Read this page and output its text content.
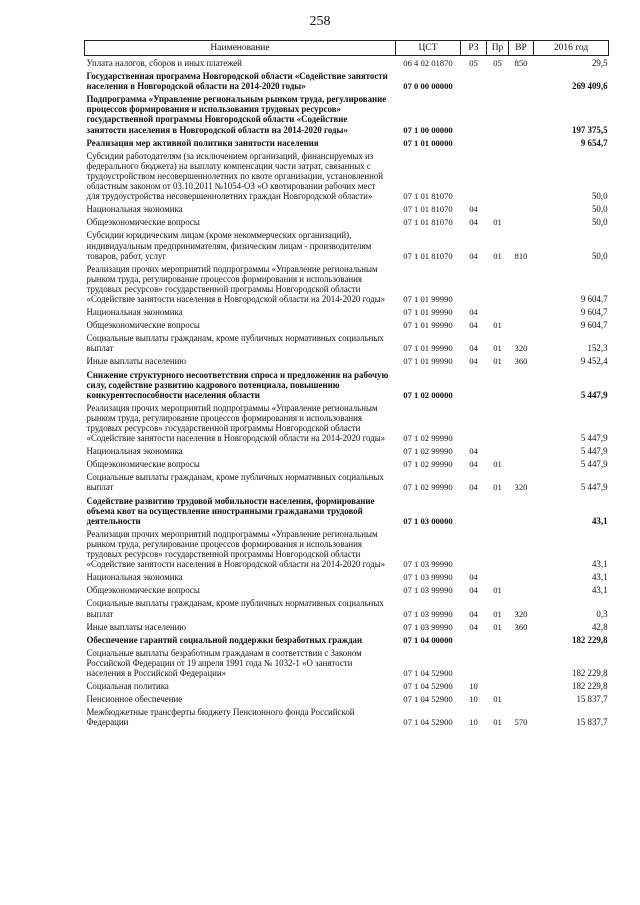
258
Наименование	ЦСТ	РЗ	Пр	ВР	2016 год
Уплата налогов, сборов и иных платежей	06 4 02 01870	05	05	850	29,5
Государственная программа Новгородской области «Содействие занятости населения в Новгородской области на 2014-2020 годы»	07 0 00 00000				269 409,6
Подпрограмма «Управление региональным рынком труда, регулирование процессов формирования и использования трудовых ресурсов» государственной программы Новгородской области «Содействие занятости населения в Новгородской области на 2014-2020 годы»	07 1 00 00000				197 375,5
Реализация мер активной политики занятости населения	07 1 01 00000				9 654,7
Субсидии работодателям (за исключением организаций, финансируемых из федерального бюджета) на выплату компенсации части затрат, связанных с трудоустройством несовершеннолетних по квоте организации, установленной областным законом от 03.10.2011 №1054-ОЗ «О квотировании рабочих мест для трудоустройства несовершеннолетних граждан Новгородской области»	07 1 01 81070				50,0
Национальная экономика	07 1 01 81070	04			50,0
Общеэкономические вопросы	07 1 01 81070	04	01		50,0
Субсидии юридическим лицам (кроме некоммерческих организаций), индивидуальным предпринимателям, физическим лицам - производителям товаров, работ, услуг	07 1 01 81070	04	01	810	50,0
Реализация прочих мероприятий подпрограммы «Управление региональным рынком труда, регулирование процессов формирования и использования трудовых ресурсов» государственной программы Новгородской области «Содействие занятости населения в Новгородской области на 2014-2020 годы»	07 1 01 99990				9 604,7
Национальная экономика	07 1 01 99990	04			9 604,7
Общеэкономические вопросы	07 1 01 99990	04	01		9 604,7
Социальные выплаты гражданам, кроме публичных нормативных социальных выплат	07 1 01 99990	04	01	320	152,3
Иные выплаты населению	07 1 01 99990	04	01	360	9 452,4
Снижение структурного несоответствия спроса и предложения на рабочую силу, содействие развитию кадрового потенциала, повышению конкурентоспособности населения области	07 1 02 00000				5 447,9
Реализация прочих мероприятий подпрограммы «Управление региональным рынком труда, регулирование процессов формирования и использования трудовых ресурсов» государственной программы Новгородской области «Содействие занятости населения в Новгородской области на 2014-2020 годы»	07 1 02 99990				5 447,9
Национальная экономика	07 1 02 99990	04			5 447,9
Общеэкономические вопросы	07 1 02 99990	04	01		5 447,9
Социальные выплаты гражданам, кроме публичных нормативных социальных выплат	07 1 02 99990	04	01	320	5 447,9
Содействие развитию трудовой мобильности населения, формирование объема квот на осуществление иностранными гражданами трудовой деятельности	07 1 03 00000				43,1
Реализация прочих мероприятий подпрограммы «Управление региональным рынком труда, регулирование процессов формирования и использования трудовых ресурсов» государственной программы Новгородской области «Содействие занятости населения в Новгородской области на 2014-2020 годы»	07 1 03 99990				43,1
Национальная экономика	07 1 03 99990	04			43,1
Общеэкономические вопросы	07 1 03 99990	04	01		43,1
Социальные выплаты гражданам, кроме публичных нормативных социальных выплат	07 1 03 99990	04	01	320	0,3
Иные выплаты населению	07 1 03 99990	04	01	360	42,8
Обеспечение гарантий социальной поддержки безработных граждан	07 1 04 00000				182 229,8
Социальные выплаты безработным гражданам в соответствии с Законом Российской Федерации от 19 апреля 1991 года № 1032-1 «О занятости населения в Российской Федерации»	07 1 04 52900				182 229,8
Социальная политика	07 1 04 52900	10			182 229,8
Пенсионное обеспечение	07 1 04 52900	10	01		15 837,7
Межбюджетные трансферты бюджету Пенсионного фонда Российской Федерации	07 1 04 52900	10	01	570	15 837,7
